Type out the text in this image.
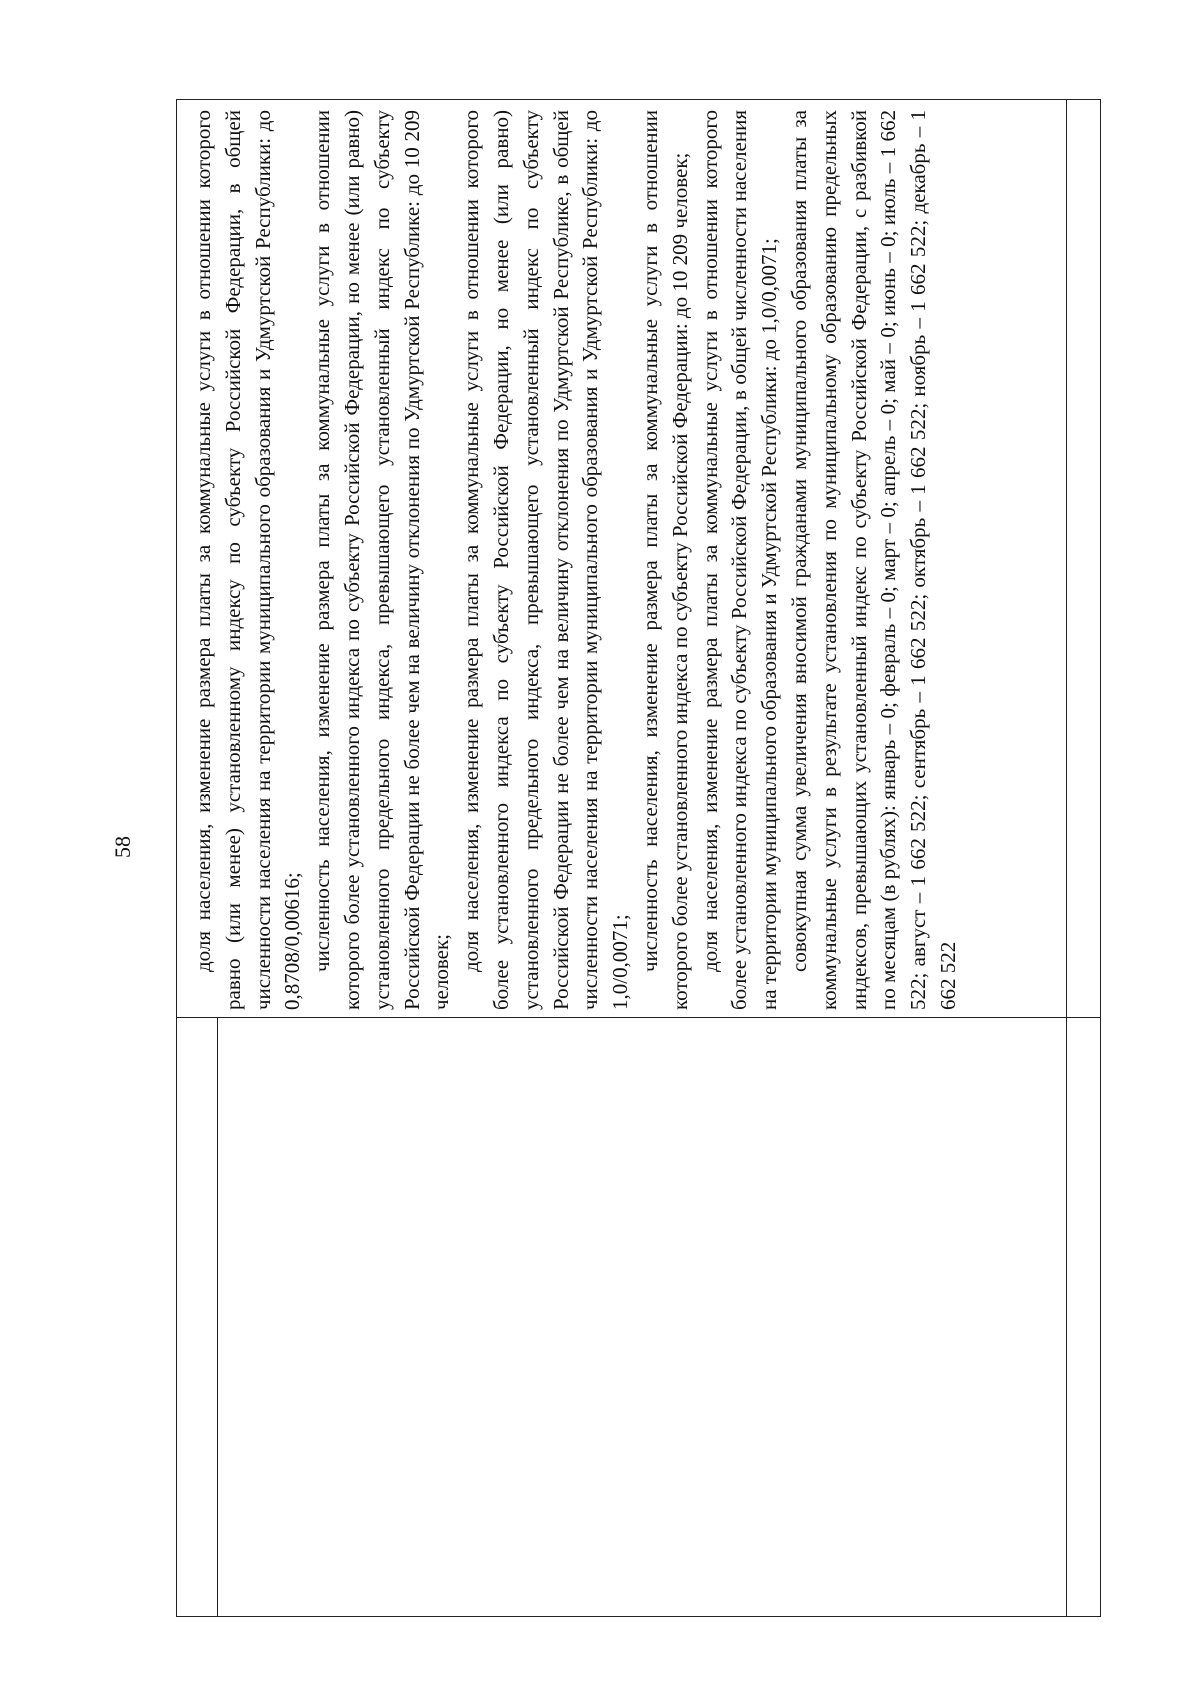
58	доля населения, изменение размера платы за коммунальные услуги в отношении которого равно (или менее) установленному индексу по субъекту Российской Федерации, в общей численности населения на территории муниципального образования и Удмуртской Республики: до 0,8708/0,00616; численность населения, изменение размера платы за коммунальные услуги в отношении которого более установленного индекса по субъекту Российской Федерации, но менее (или равно) установленного предельного индекса, превышающего установленный индекс по субъекту Российской Федерации не более чем на величину отклонения по Удмуртской Республике: до 10 209 человек; доля населения, изменение размера платы за коммунальные услуги в отношении которого более установленного индекса по субъекту Российской Федерации, но менее (или равно) установленного предельного индекса, превышающего установленный индекс по субъекту Российской Федерации не более чем на величину отклонения по Удмуртской Республике, в общей численности населения на территории муниципального образования и Удмуртской Республики: до 1,0/0,0071; численность населения, изменение размера платы за коммунальные услуги в отношении которого более установленного индекса по субъекту Российской Федерации: до 10 209 человек; доля населения, изменение размера платы за коммунальные услуги в отношении которого более установленного индекса по субъекту Российской Федерации, в общей численности населения на территории муниципального образования и Удмуртской Республики: до 1,0/0,0071; совокупная сумма увеличения вносимой гражданами муниципального образования платы за коммунальные услуги в результате установления по муниципальному образованию предельных индексов, превышающих установленный индекс по субъекту Российской Федерации, с разбивкой по месяцам (в рублях): январь – 0; февраль – 0; март – 0; апрель – 0; май – 0; июнь – 0; июль – 1 662 522; август – 1 662 522; сентябрь – 1 662 522; октябрь – 1 662 522; ноябрь – 1 662 522; декабрь – 1 662 522
